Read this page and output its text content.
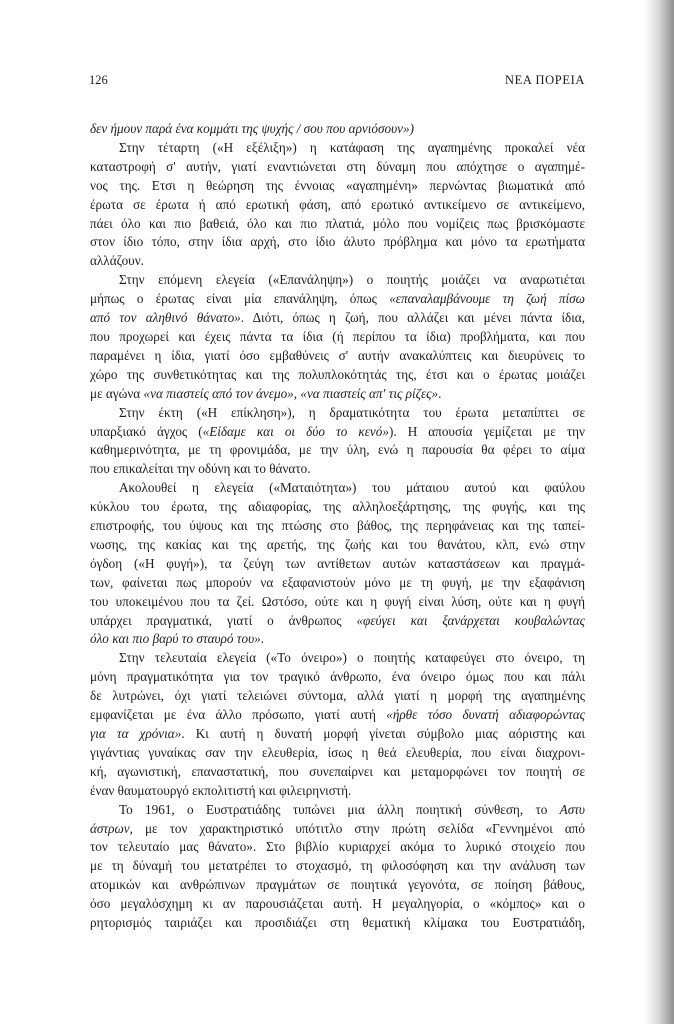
126	ΝΕΑ ΠΟΡΕΙΑ
δεν ήμουν παρά ένα κομμάτι της ψυχής / σου που αρνιόσουν»)
Στην τέταρτη («Η εξέλιξη») η κατάφαση της αγαπημένης προκαλεί νέα
καταστροφή σ' αυτήν, γιατί εναντιώνεται στη δύναμη που απόχτησε ο αγαπημέ-
νος της. Ετσι η θεώρηση της έννοιας «αγαπημένη» περνώντας βιωματικά από
έρωτα σε έρωτα ή από ερωτική φάση, από ερωτικό αντικείμενο σε αντικείμενο,
πάει όλο και πιο βαθειά, όλο και πιο πλατιά, μόλο που νομίζεις πως βρισκόμαστε
στον ίδιο τόπο, στην ίδια αρχή, στο ίδιο άλυτο πρόβλημα και μόνο τα ερωτήματα
αλλάζουν.
Στην επόμενη ελεγεία («Επανάληψη») ο ποιητής μοιάζει να αναρωτιέται
μήπως ο έρωτας είναι μία επανάληψη, όπως «επαναλαμβάνουμε τη ζωή πίσω
από τον αληθινό θάνατο». Διότι, όπως η ζωή, που αλλάζει και μένει πάντα ίδια,
που προχωρεί και έχεις πάντα τα ίδια (ή περίπου τα ίδια) προβλήματα, και που
παραμένει η ίδια, γιατί όσο εμβαθύνεις σ' αυτήν ανακαλύπτεις και διευρύνεις το
χώρο της συνθετικότητας και της πολυπλοκότητάς της, έτσι και ο έρωτας μοιάζει
με αγώνα «να πιαστείς από τον άνεμο», «να πιαστείς απ' τις ρίζες».
Στην έκτη («Η επίκληση»), η δραματικότητα του έρωτα μεταπίπτει σε
υπαρξιακό άγχος («Είδαμε και οι δύο το κενό»). Η απουσία γεμίζεται με την
καθημερινότητα, με τη φρονιμάδα, με την ύλη, ενώ η παρουσία θα φέρει το αίμα
που επικαλείται την οδύνη και το θάνατο.
Ακολουθεί η ελεγεία («Ματαιότητα») του μάταιου αυτού και φαύλου
κύκλου του έρωτα, της αδιαφορίας, της αλληλοεξάρτησης, της φυγής, και της
επιστροφής, του ύψους και της πτώσης στο βάθος, της περηφάνειας και της ταπεί-
νωσης, της κακίας και της αρετής, της ζωής και του θανάτου, κλπ, ενώ στην
όγδοη («Η φυγή»), τα ζεύγη των αντίθετων αυτών καταστάσεων και πραγμά-
των, φαίνεται πως μπορούν να εξαφανιστούν μόνο με τη φυγή, με την εξαφάνιση
του υποκειμένου που τα ζεί. Ωστόσο, ούτε και η φυγή είναι λύση, ούτε και η φυγή
υπάρχει πραγματικά, γιατί ο άνθρωπος «φεύγει και ξανάρχεται κουβαλώντας
όλο και πιο βαρύ το σταυρό του».
Στην τελευταία ελεγεία («Το όνειρο») ο ποιητής καταφεύγει στο όνειρο, τη
μόνη πραγματικότητα για τον τραγικό άνθρωπο, ένα όνειρο όμως που και πάλι
δε λυτρώνει, όχι γιατί τελειώνει σύντομα, αλλά γιατί η μορφή της αγαπημένης
εμφανίζεται με ένα άλλο πρόσωπο, γιατί αυτή «ήρθε τόσο δυνατή αδιαφορώντας
για τα χρόνια». Κι αυτή η δυνατή μορφή γίνεται σύμβολο μιας αόριστης και
γιγάντιας γυναίκας σαν την ελευθερία, ίσως η θεά ελευθερία, που είναι διαχρονι-
κή, αγωνιστική, επαναστατική, που συνεπαίρνει και μεταμορφώνει τον ποιητή σε
έναν θαυματουργό εκπολιτιστή και φιλειρηνιστή.
Το 1961, ο Ευστρατιάδης τυπώνει μια άλλη ποιητική σύνθεση, το Αστυ
άστρων, με τον χαρακτηριστικό υπότιτλο στην πρώτη σελίδα «Γεννημένοι από
τον τελευταίο μας θάνατο». Στο βιβλίο κυριαρχεί ακόμα το λυρικό στοιχείο που
με τη δύναμή του μετατρέπει το στοχασμό, τη φιλοσόφηση και την ανάλυση των
ατομικών και ανθρώπινων πραγμάτων σε ποιητικά γεγονότα, σε ποίηση βάθους,
όσο μεγαλόσχημη κι αν παρουσιάζεται αυτή. Η μεγαληγορία, ο «κόμπος» και ο
ρητορισμός ταιριάζει και προσιδιάζει στη θεματική κλίμακα του Ευστρατιάδη,
